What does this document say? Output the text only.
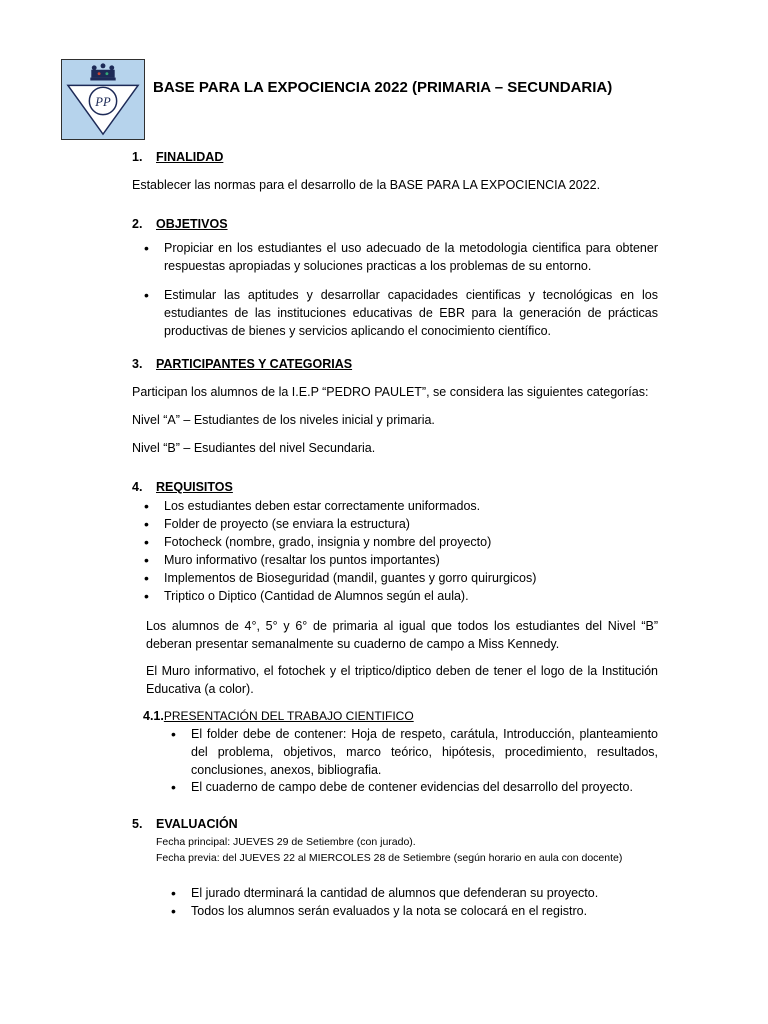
PP
BASE PARA LA EXPOCIENCIA 2022 (PRIMARIA – SECUNDARIA)
1. FINALIDAD
Establecer las normas para el desarrollo de la BASE PARA LA EXPOCIENCIA 2022.
2. OBJETIVOS
•	Propiciar en los estudiantes el uso adecuado de la metodologia cientifica para obtener respuestas apropiadas y soluciones practicas a los problemas de su entorno.
•	Estimular las aptitudes y desarrollar capacidades cientificas y tecnológicas en los estudiantes de las instituciones educativas de EBR para la generación de prácticas productivas de bienes y servicios aplicando el conocimiento científico.
3. PARTICIPANTES Y CATEGORIAS
Participan los alumnos de la I.E.P “PEDRO PAULET”, se considera las siguientes categorías:
Nivel “A” – Estudiantes de los niveles inicial y primaria.
Nivel “B” – Esudiantes del nivel Secundaria.
4. REQUISITOS
•	Los estudiantes deben estar correctamente uniformados.
•	Folder de proyecto (se enviara la estructura)
•	Fotocheck (nombre, grado, insignia y nombre del proyecto)
•	Muro informativo (resaltar los puntos importantes)
•	Implementos de Bioseguridad (mandil, guantes y gorro quirurgicos)
•	Triptico o Diptico (Cantidad de Alumnos según el aula).
Los alumnos de 4°, 5° y 6° de primaria al igual que todos los estudiantes del Nivel “B” deberan presentar semanalmente su cuaderno de campo a Miss Kennedy.
El Muro informativo, el fotochek y el triptico/diptico deben de tener el logo de la Institución Educativa (a color).
4.1.PRESENTACIÓN DEL TRABAJO CIENTIFICO
•	El folder debe de contener: Hoja de respeto, carátula, Introducción, planteamiento del problema, objetivos, marco teórico, hipótesis, procedimiento, resultados, conclusiones, anexos, bibliografia.
•	El cuaderno de campo debe de contener evidencias del desarrollo del proyecto.
5. EVALUACIÓN
Fecha principal: JUEVES 29 de Setiembre (con jurado).
Fecha previa: del JUEVES 22 al MIERCOLES 28 de Setiembre (según horario en aula con docente)
•	El jurado dterminará la cantidad de alumnos que defenderan su proyecto.
•	Todos los alumnos serán evaluados y la nota se colocará en el registro.
